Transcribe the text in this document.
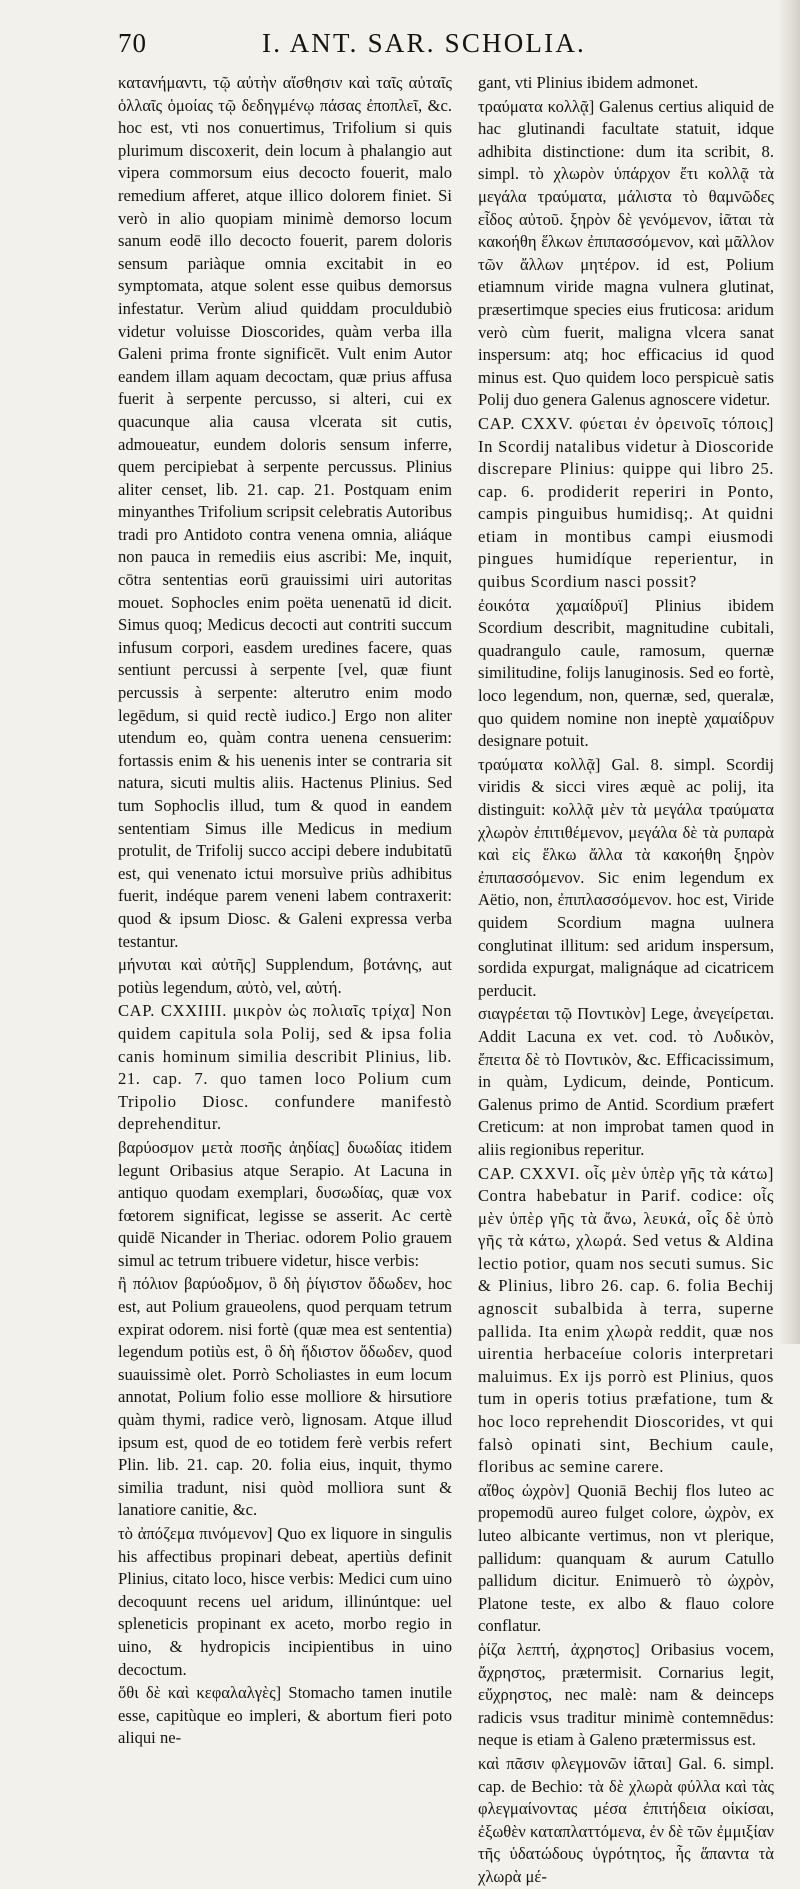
70	I. ANT. SAR. SCHOLIA.

κατανήμαντι, τῷ αὐτὴν αἴσθησιν καὶ ταῖς αὐταῖς ὁλλαῖς ὁμοίας τῷ δεδηγμένῳ πάσας ἐποπλεῖ, &c. hoc est, vti nos conuertimus, Trifolium si quis plurimum discoxerit, dein locum à phalangio aut vipera commorsum eius decocto fouerit, malo remedium afferet, atque illico dolorem finiet. Si verò in alio quopiam minimè demorso locum sanum eodē illo decocto fouerit, parem doloris sensum pariàque omnia excitabit in eo symptomata, atque solent esse quibus demorsus infestatur. Verùm aliud quiddam proculdubiò videtur voluisse Dioscorides, quàm verba illa Galeni prima fronte significēt. Vult enim Autor eandem illam aquam decoctam, quæ prius affusa fuerit à serpente percusso, si alteri, cui ex quacunque alia causa vlcerata sit cutis, admoueatur, eundem doloris sensum inferre, quem percipiebat à serpente percussus. Plinius aliter censet, lib. 21. cap. 21. Postquam enim minyanthes Trifolium scripsit celebratis Autoribus tradi pro Antidoto contra venena omnia, aliáque non pauca in remediis eius ascribi: Me, inquit, cōtra sententias eorū grauissimi uiri autoritas mouet. Sophocles enim poëta uenenatū id dicit. Simus quoq; Medicus decocti aut contriti succum infusum corpori, easdem uredines facere, quas sentiunt percussi à serpente [vel, quæ fiunt percussis à serpente: alterutro enim modo legēdum, si quid rectè iudico.] Ergo non aliter utendum eo, quàm contra uenena censuerim: fortassis enim & his uenenis inter se contraria sit natura, sicuti multis aliis. Hactenus Plinius. Sed tum Sophoclis illud, tum & quod in eandem sententiam Simus ille Medicus in medium protulit, de Trifolij succo accipi debere indubitatū est, qui venenato ictui morsuìve priùs adhibitus fuerit, indéque parem veneni labem contraxerit: quod & ipsum Diosc. & Galeni expressa verba testantur.

μήνυται καὶ αὐτῆς] Supplendum, βοτάνης, aut potiùs legendum, αὐτὸ, vel, αὐτή.

CAP. CXXIIII. μικρὸν ὡς πολιαῖς τρίχα] Non quidem capitula sola Polij, sed & ipsa folia canis hominum similia describit Plinius, lib. 21. cap. 7. quo tamen loco Polium cum Tripolio Diosc. confundere manifestò deprehenditur.

βαρύοσμον μετὰ ποσῆς ἀηδίας] δυωδίας itidem legunt Oribasius atque Serapio. At Lacuna in antiquo quodam exemplari, δυσωδίας, quæ vox fœtorem significat, legisse se asserit. Ac certè quidē Nicander in Theriac. odorem Polio grauem simul ac tetrum tribuere videtur, hisce verbis:

ἢ πόλιον βαρύοδμον, ὃ δὴ ῥίγιστον ὄδωδεν, hoc est, aut Polium graueolens, quod perquam tetrum expirat odorem. nisi fortè (quæ mea est sententia) legendum potiùs est, ὃ δὴ ἥδιστον ὄδωδεν, quod suauissimè olet. Porrò Scholiastes in eum locum annotat, Polium folio esse molliore & hirsutiore quàm thymi, radice verò, lignosam. Atque illud ipsum est, quod de eo totidem ferè verbis refert Plin. lib. 21. cap. 20. folia eius, inquit, thymo similia tradunt, nisi quòd molliora sunt & lanatiore canitie, &c.

τὸ ἀπόζεμα πινόμενον] Quo ex liquore in singulis his affectibus propinari debeat, apertiùs definit Plinius, citato loco, hisce verbis: Medici cum uino decoquunt recens uel aridum, illinúntque: uel spleneticis propinant ex aceto, morbo regio in uino, & hydropicis incipientibus in uino decoctum.

ὅθι δὲ καὶ κεφαλαλγὲς] Stomacho tamen inutile esse, capitùque eo impleri, & abortum fieri poto aliqui ne-

gant, vti Plinius ibidem admonet.

τραύματα κολλᾷ] Galenus certius aliquid de hac glutinandi facultate statuit, idque adhibita distinctione: dum ita scribit, 8. simpl. τὸ χλωρὸν ὑπάρχον ἔτι κολλᾷ τὰ μεγάλα τραύματα, μάλιστα τὸ θαμνῶδες εἶδος αὐτοῦ. ξηρὸν δὲ γενόμενον, ἰᾶται τὰ κακοήθη ἕλκων ἐπιπασσόμενον, καὶ μᾶλλον τῶν ἄλλων μητέρον. id est, Polium etiamnum viride magna vulnera glutinat, præsertimque species eius fruticosa: aridum verò cùm fuerit, maligna vlcera sanat inspersum: atq; hoc efficacius id quod minus est. Quo quidem loco perspicuè satis Polij duo genera Galenus agnoscere videtur.

CAP. CXXV. φύεται ἐν ὀρεινοῖς τόποις] In Scordij natalibus videtur à Dioscoride discrepare Plinius: quippe qui libro 25. cap. 6. prodiderit reperiri in Ponto, campis pinguibus humidisq;. At quidni etiam in montibus campi eiusmodi pingues humidíque reperientur, in quibus Scordium nasci possit?

ἐοικότα χαμαίδρυϊ] Plinius ibidem Scordium describit, magnitudine cubitali, quadrangulo caule, ramosum, quernæ similitudine, folijs lanuginosis. Sed eo fortè, loco legendum, non, quernæ, sed, queralæ, quo quidem nomine non ineptè χαμαίδρυν designare potuit.

τραύματα κολλᾷ] Gal. 8. simpl. Scordij viridis & sicci vires æquè ac polij, ita distinguit: κολλᾷ μὲν τὰ μεγάλα τραύματα χλωρὸν ἐπιτιθέμενον, μεγάλα δὲ τὰ ρυπαρὰ καὶ εἰς ἕλκω ἄλλα τὰ κακοήθη ξηρὸν ἐπιπασσόμενον. Sic enim legendum ex Aëtio, non, ἐπιπλασσόμενον. hoc est, Viride quidem Scordium magna uulnera conglutinat illitum: sed aridum inspersum, sordida expurgat, malignáque ad cicatricem perducit.

σιαγρέεται τῷ Ποντικὸν] Lege, ἀνεγείρεται. Addit Lacuna ex vet. cod. τὸ Λυδικὸν, ἔπειτα δὲ τὸ Ποντικὸν, &c. Efficacissimum, in quàm, Lydicum, deinde, Ponticum. Galenus primo de Antid. Scordium præfert Creticum: at non improbat tamen quod in aliis regionibus reperitur.

CAP. CXXVI. οἷς μὲν ὑπὲρ γῆς τὰ κάτω] Contra habebatur in Parif. codice: οἷς μὲν ὑπὲρ γῆς τὰ ἄνω, λευκά, οἷς δὲ ὑπὸ γῆς τὰ κάτω, χλωρά. Sed vetus & Aldina lectio potior, quam nos secuti sumus. Sic & Plinius, libro 26. cap. 6. folia Bechij agnoscit subalbida à terra, superne pallida. Ita enim χλωρὰ reddit, quæ nos uirentia herbaceíue coloris interpretari maluimus. Ex ijs porrò est Plinius, quos tum in operis totius præfatione, tum & hoc loco reprehendit Dioscorides, vt qui falsò opinati sint, Bechium caule, floribus ac semine carere.

αἴθος ὠχρὸν] Quoniā Bechij flos luteo ac propemodū aureo fulget colore, ὠχρὸν, ex luteo albicante vertimus, non vt plerique, pallidum: quanquam & aurum Catullo pallidum dicitur. Enimuerò τὸ ὠχρὸν, Platone teste, ex albo & flauo colore conflatur.

ῥίζα λεπτή, ἀχρηστος] Oribasius vocem, ἄχρηστος, prætermisit. Cornarius legit, εὔχρηστος, nec malè: nam & deinceps radicis vsus traditur minimè contemnēdus: neque is etiam à Galeno prætermissus est.

καὶ πᾶσιν φλεγμονῶν ἰᾶται] Gal. 6. simpl. cap. de Bechio: τὰ δὲ χλωρὰ φύλλα καὶ τὰς φλεγμαίνοντας μέσα ἐπιτήδεια οἰκίσαι, ἐξωθὲν καταπλαττόμενα, ἐν δὲ τῶν ἐμμιξίαν τῆς ὑδατώδους ὑγρότητος, ἧς ἅπαντα τὰ χλωρὰ μέ-
